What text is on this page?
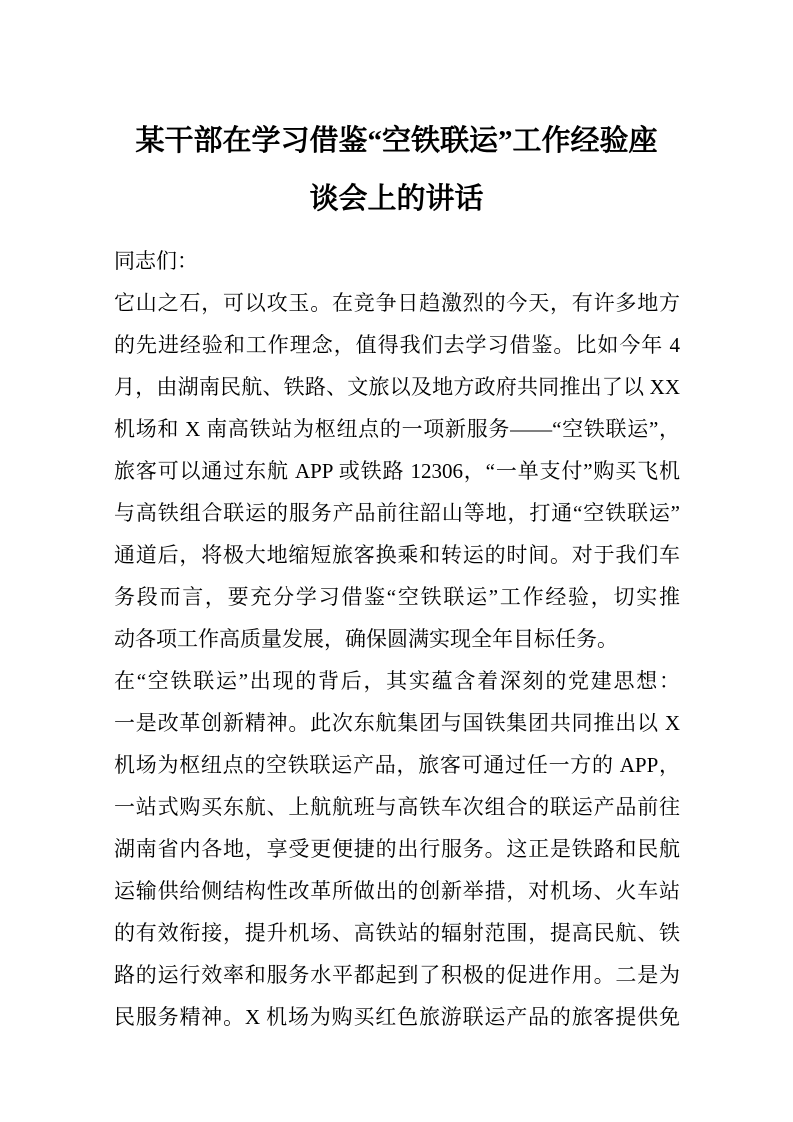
某干部在学习借鉴“空铁联运”工作经验座
谈会上的讲话
同志们：
它山之石，可以攻玉。在竞争日趋激烈的今天，有许多地方
的先进经验和工作理念，值得我们去学习借鉴。比如今年 4
月，由湖南民航、铁路、文旅以及地方政府共同推出了以 XX
机场和 X 南高铁站为枢纽点的一项新服务——“空铁联运”，
旅客可以通过东航 APP 或铁路 12306，“一单支付”购买飞机
与高铁组合联运的服务产品前往韶山等地，打通“空铁联运”
通道后，将极大地缩短旅客换乘和转运的时间。对于我们车
务段而言，要充分学习借鉴“空铁联运”工作经验，切实推
动各项工作高质量发展，确保圆满实现全年目标任务。
在“空铁联运”出现的背后，其实蕴含着深刻的党建思想：
一是改革创新精神。此次东航集团与国铁集团共同推出以 X
机场为枢纽点的空铁联运产品，旅客可通过任一方的 APP，
一站式购买东航、上航航班与高铁车次组合的联运产品前往
湖南省内各地，享受更便捷的出行服务。这正是铁路和民航
运输供给侧结构性改革所做出的创新举措，对机场、火车站
的有效衔接，提升机场、高铁站的辐射范围，提高民航、铁
路的运行效率和服务水平都起到了积极的促进作用。二是为
民服务精神。X 机场为购买红色旅游联运产品的旅客提供免
